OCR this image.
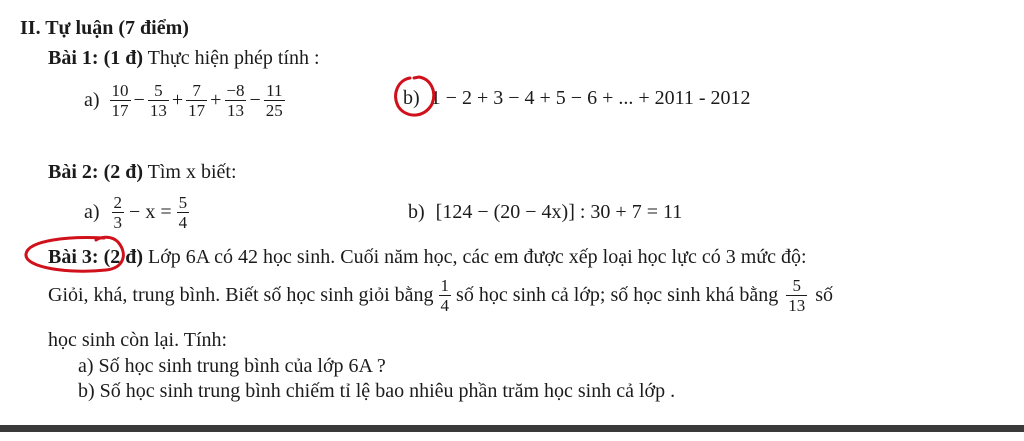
II. Tự luận (7 điểm)
Bài 1: (1 đ) Thực hiện phép tính :
$a) \frac{10}{17} - \frac{5}{13} + \frac{7}{17} + \frac{-8}{13} - \frac{11}{25}$	b) 1 − 2 + 3 − 4 + 5 − 6 + ... + 2011 - 2012
Bài 2: (2 đ) Tìm x biết:
$a) \frac{2}{3} - x = \frac{5}{4}$	b) [124 − (20 − 4x)] : 30 + 7 = 11
Bài 3: (2 đ) Lớp 6A có 42 học sinh. Cuối năm học, các em được xếp loại học lực có 3 mức độ:
Giỏi, khá, trung bình. Biết số học sinh giỏi bằng $\frac{1}{4}$ số học sinh cả lớp; số học sinh khá bằng $\frac{5}{13}$ số
học sinh còn lại. Tính:
a) Số học sinh trung bình của lớp 6A ?
b) Số học sinh trung bình chiếm tỉ lệ bao nhiêu phần trăm học sinh cả lớp .
